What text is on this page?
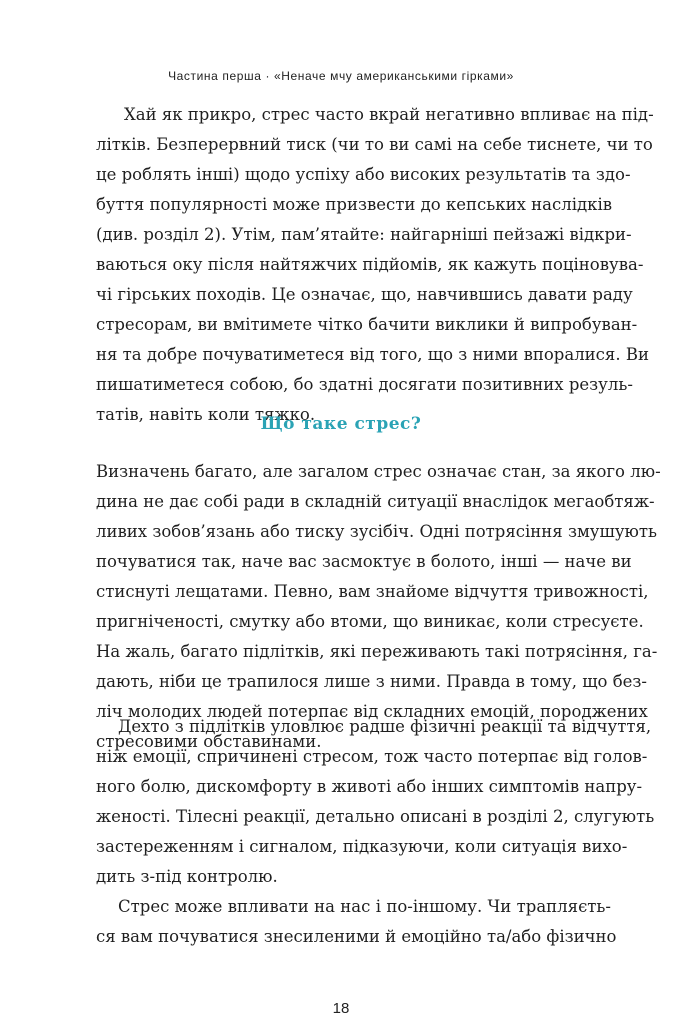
Частина перша · «Неначе мчу американськими гірками»
Хай як прикро, стрес часто вкрай негативно впливає на під-
літків. Безперервний тиск (чи то ви самі на себе тиснете, чи то
це роблять інші) щодо успіху або високих результатів та здо-
буття популярності може призвести до кепських наслідків
(див. розділ 2). Утім, пам’ятайте: найгарніші пейзажі відкри-
ваються оку після найтяжчих підйомів, як кажуть поціновува-
чі гірських походів. Це означає, що, навчившись давати раду
стресорам, ви вмітимете чітко бачити виклики й випробуван-
ня та добре почуватиметеся від того, що з ними впоралися. Ви
пишатиметеся собою, бо здатні досягати позитивних резуль-
татів, навіть коли тяжко.
Що таке стрес?
Визначень багато, але загалом стрес означає стан, за якого лю-
дина не дає собі ради в складній ситуації внаслідок мегаобтяж-
ливих зобов’язань або тиску зусібіч. Одні потрясіння змушують
почуватися так, наче вас засмоктує в болото, інші — наче ви
стиснуті лещатами. Певно, вам знайоме відчуття тривожності,
пригніченості, смутку або втоми, що виникає, коли стресуєте.
На жаль, багато підлітків, які переживають такі потрясіння, га-
дають, ніби це трапилося лише з ними. Правда в тому, що без-
ліч молодих людей потерпає від складних емоцій, породжених
стресовими обставинами.
Дехто з підлітків уловлює радше фізичні реакції та відчуття,
ніж емоції, спричинені стресом, тож часто потерпає від голов-
ного болю, дискомфорту в животі або інших симптомів напру-
женості. Тілесні реакції, детально описані в розділі 2, слугують
застереженням і сигналом, підказуючи, коли ситуація вихо-
дить з-під контролю.
Стрес може впливати на нас і по-іншому. Чи трапляєть-
ся вам почуватися знесиленими й емоційно та/або фізично
18
